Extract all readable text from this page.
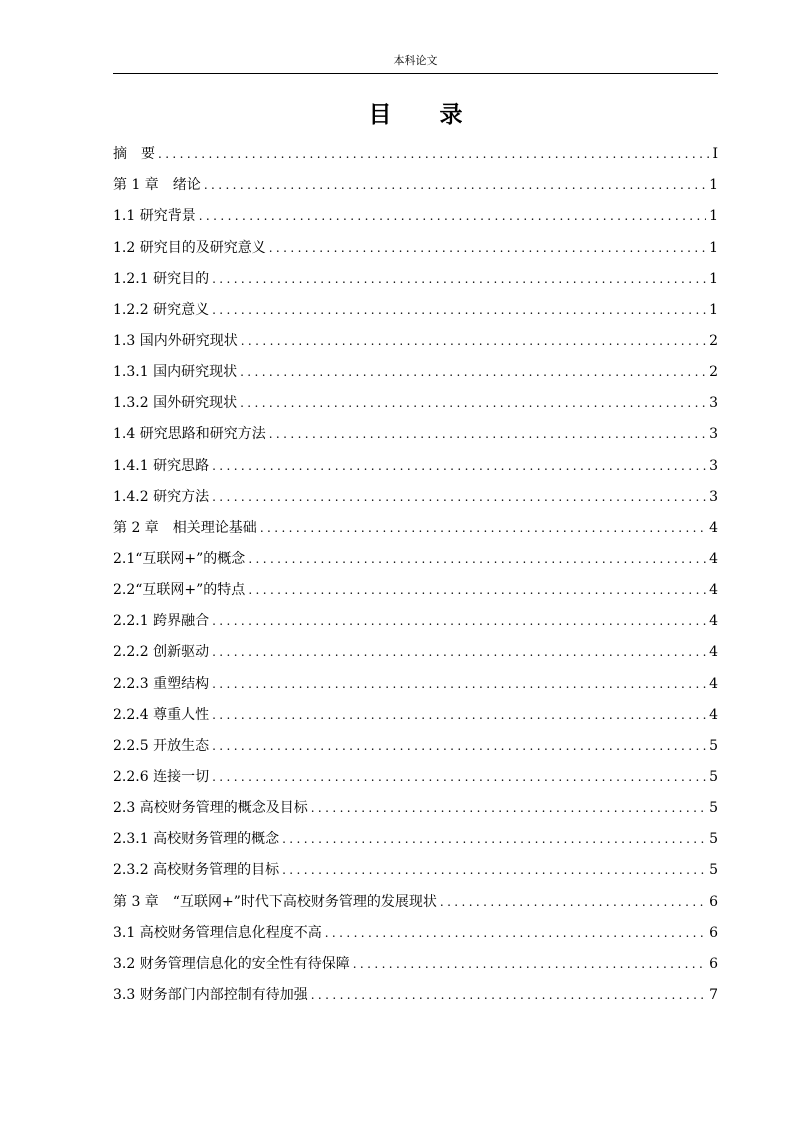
本科论文
目 录
摘　要 .....	I
第 1 章　绪论 .....	1
1.1 研究背景 .....	1
1.2 研究目的及研究意义 .....	1
1.2.1 研究目的 .....	1
1.2.2 研究意义 .....	1
1.3 国内外研究现状 .....	2
1.3.1 国内研究现状 .....	2
1.3.2 国外研究现状 .....	3
1.4 研究思路和研究方法 .....	3
1.4.1 研究思路 .....	3
1.4.2 研究方法 .....	3
第 2 章　相关理论基础 .....	4
2.1“互联网+”的概念 .....	4
2.2“互联网+”的特点 .....	4
2.2.1 跨界融合 .....	4
2.2.2 创新驱动 .....	4
2.2.3 重塑结构 .....	4
2.2.4 尊重人性 .....	4
2.2.5 开放生态 .....	5
2.2.6 连接一切 .....	5
2.3 高校财务管理的概念及目标 .....	5
2.3.1 高校财务管理的概念 .....	5
2.3.2 高校财务管理的目标 .....	5
第 3 章　“互联网+”时代下高校财务管理的发展现状 .....	6
3.1 高校财务管理信息化程度不高 .....	6
3.2 财务管理信息化的安全性有待保障 .....	6
3.3 财务部门内部控制有待加强 .....	7
